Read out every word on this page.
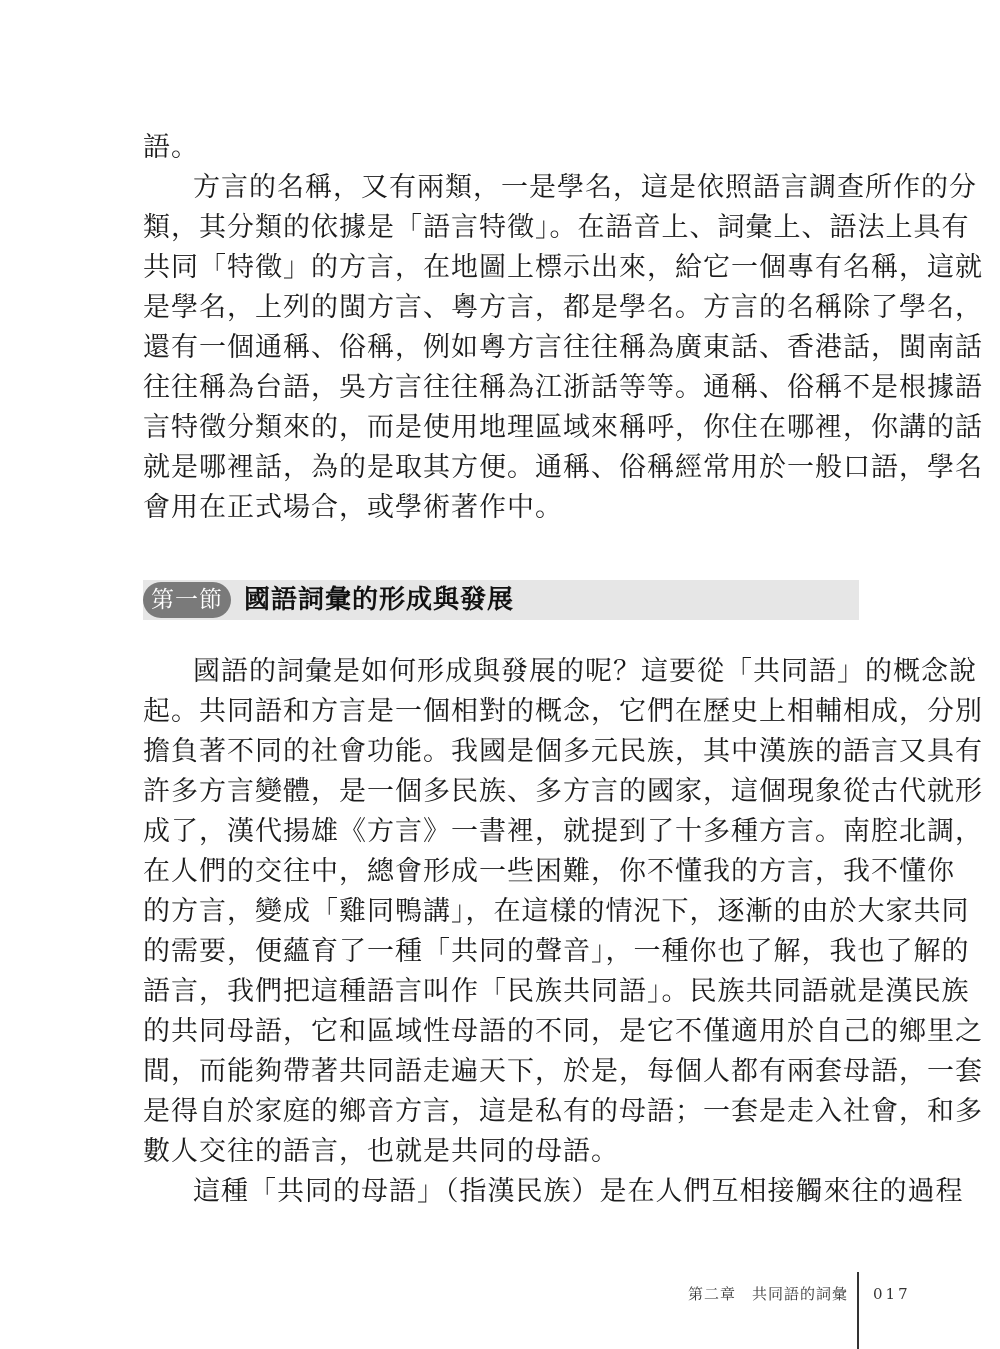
語。
方言的名稱，又有兩類，一是學名，這是依照語言調查所作的分
類，其分類的依據是「語言特徵」。在語音上、詞彙上、語法上具有
共同「特徵」的方言，在地圖上標示出來，給它一個專有名稱，這就
是學名，上列的閩方言、粵方言，都是學名。方言的名稱除了學名，
還有一個通稱、俗稱，例如粵方言往往稱為廣東話、香港話，閩南話
往往稱為台語，吳方言往往稱為江浙話等等。通稱、俗稱不是根據語
言特徵分類來的，而是使用地理區域來稱呼，你住在哪裡，你講的話
就是哪裡話，為的是取其方便。通稱、俗稱經常用於一般口語，學名
會用在正式場合，或學術著作中。
第一節 國語詞彙的形成與發展
國語的詞彙是如何形成與發展的呢？這要從「共同語」的概念說
起。共同語和方言是一個相對的概念，它們在歷史上相輔相成，分別
擔負著不同的社會功能。我國是個多元民族，其中漢族的語言又具有
許多方言變體，是一個多民族、多方言的國家，這個現象從古代就形
成了，漢代揚雄《方言》一書裡，就提到了十多種方言。南腔北調，
在人們的交往中，總會形成一些困難，你不懂我的方言，我不懂你
的方言，變成「雞同鴨講」，在這樣的情況下，逐漸的由於大家共同
的需要，便蘊育了一種「共同的聲音」，一種你也了解，我也了解的
語言，我們把這種語言叫作「民族共同語」。民族共同語就是漢民族
的共同母語，它和區域性母語的不同，是它不僅適用於自己的鄉里之
間，而能夠帶著共同語走遍天下，於是，每個人都有兩套母語，一套
是得自於家庭的鄉音方言，這是私有的母語；一套是走入社會，和多
數人交往的語言，也就是共同的母語。
這種「共同的母語」（指漢民族）是在人們互相接觸來往的過程
第二章　共同語的詞彙 017
